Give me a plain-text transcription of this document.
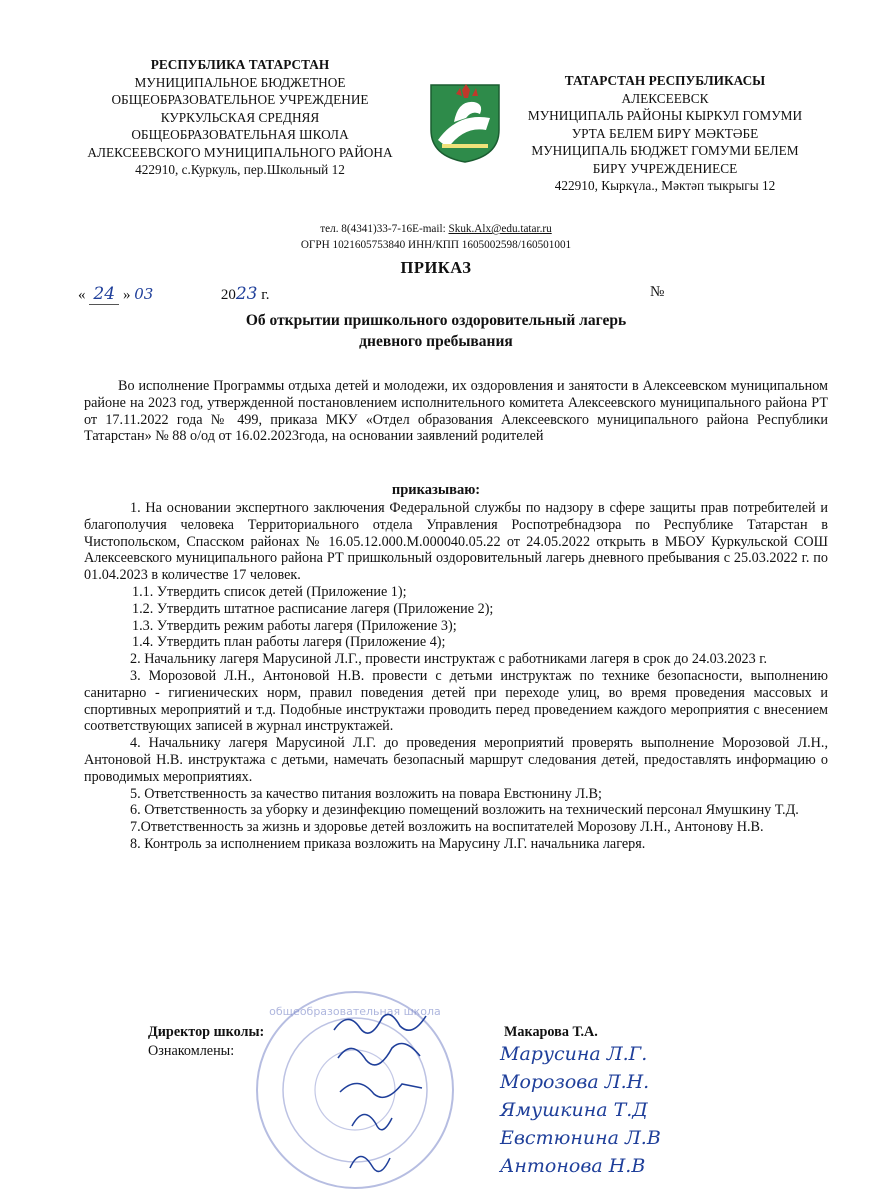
РЕСПУБЛИКА ТАТАРСТАН
МУНИЦИПАЛЬНОЕ БЮДЖЕТНОЕ
ОБЩЕОБРАЗОВАТЕЛЬНОЕ УЧРЕЖДЕНИЕ
КУРКУЛЬСКАЯ СРЕДНЯЯ
ОБЩЕОБРАЗОВАТЕЛЬНАЯ ШКОЛА
АЛЕКСЕЕВСКОГО МУНИЦИПАЛЬНОГО РАЙОНА
422910, с.Куркуль, пер.Школьный 12
ТАТАРСТАН РЕСПУБЛИКАСЫ
АЛЕКСЕЕВСК
МУНИЦИПАЛЬ РАЙОНЫ КЫРКУЛ ГОМУМИ
УРТА БЕЛЕМ БИРҮ МӘКТӘБЕ
МУНИЦИПАЛЬ БЮДЖЕТ ГОМУМИ БЕЛЕМ
БИРҮ УЧРЕЖДЕНИЕСЕ
422910, Кыркүла., Мәктәп тыкрыгы 12
тел. 8(4341)33-7-16E-mail: Skuk.Alx@edu.tatar.ru
ОГРН 1021605753840 ИНН/КПП 1605002598/160501001
ПРИКАЗ
« 24 » 03	2023 г.	№
Об открытии пришкольного оздоровительный лагерь
дневного пребывания

Во исполнение Программы отдыха детей и молодежи, их оздоровления и занятости в Алексеевском муниципальном районе на 2023 год, утвержденной постановлением исполнительного комитета Алексеевского муниципального района РТ от 17.11.2022 года № 499, приказа МКУ «Отдел образования Алексеевского муниципального района Республики Татарстан» № 88 о/од от 16.02.2023года, на основании заявлений родителей

приказываю:

1. На основании экспертного заключения Федеральной службы по надзору в сфере защиты прав потребителей и благополучия человека Территориального отдела Управления Роспотребнадзора по Республике Татарстан в Чистопольском, Спасском районах № 16.05.12.000.М.000040.05.22 от 24.05.2022 открыть в МБОУ Куркульской СОШ Алексеевского муниципального района РТ пришкольный оздоровительный лагерь дневного пребывания с 25.03.2022 г. по 01.04.2023 в количестве 17 человек.

1.1. Утвердить список детей (Приложение 1);

1.2. Утвердить штатное расписание лагеря (Приложение 2);

1.3. Утвердить режим работы лагеря (Приложение 3);

1.4. Утвердить план работы лагеря (Приложение 4);

2. Начальнику лагеря Марусиной Л.Г., провести инструктаж с работниками лагеря в срок до 24.03.2023 г.

3. Морозовой Л.Н., Антоновой Н.В. провести с детьми инструктаж по технике безопасности, выполнению санитарно - гигиенических норм, правил поведения детей при переходе улиц, во время проведения массовых и спортивных мероприятий и т.д. Подобные инструктажи проводить перед проведением каждого мероприятия с внесением соответствующих записей в журнал инструктажей.

4. Начальнику лагеря Марусиной Л.Г. до проведения мероприятий проверять выполнение Морозовой Л.Н., Антоновой Н.В. инструктажа с детьми, намечать безопасный маршрут следования детей, предоставлять информацию о проводимых мероприятиях.

5. Ответственность за качество питания возложить на повара Евстюнину Л.В;

6. Ответственность за уборку и дезинфекцию помещений возложить на технический персонал Ямушкину Т.Д.

7.Ответственность за жизнь и здоровье детей возложить на воспитателей Морозову Л.Н., Антонову Н.В.

8. Контроль за исполнением приказа возложить на Марусину Л.Г. начальника лагеря.

общеобразовательная школа
Директор школы:	Макарова Т.А.
Ознакомлены:	Марусина Л.Г.
Морозова Л.Н.
Ямушкина Т.Д
Евстюнина Л.В
Антонова Н.В
